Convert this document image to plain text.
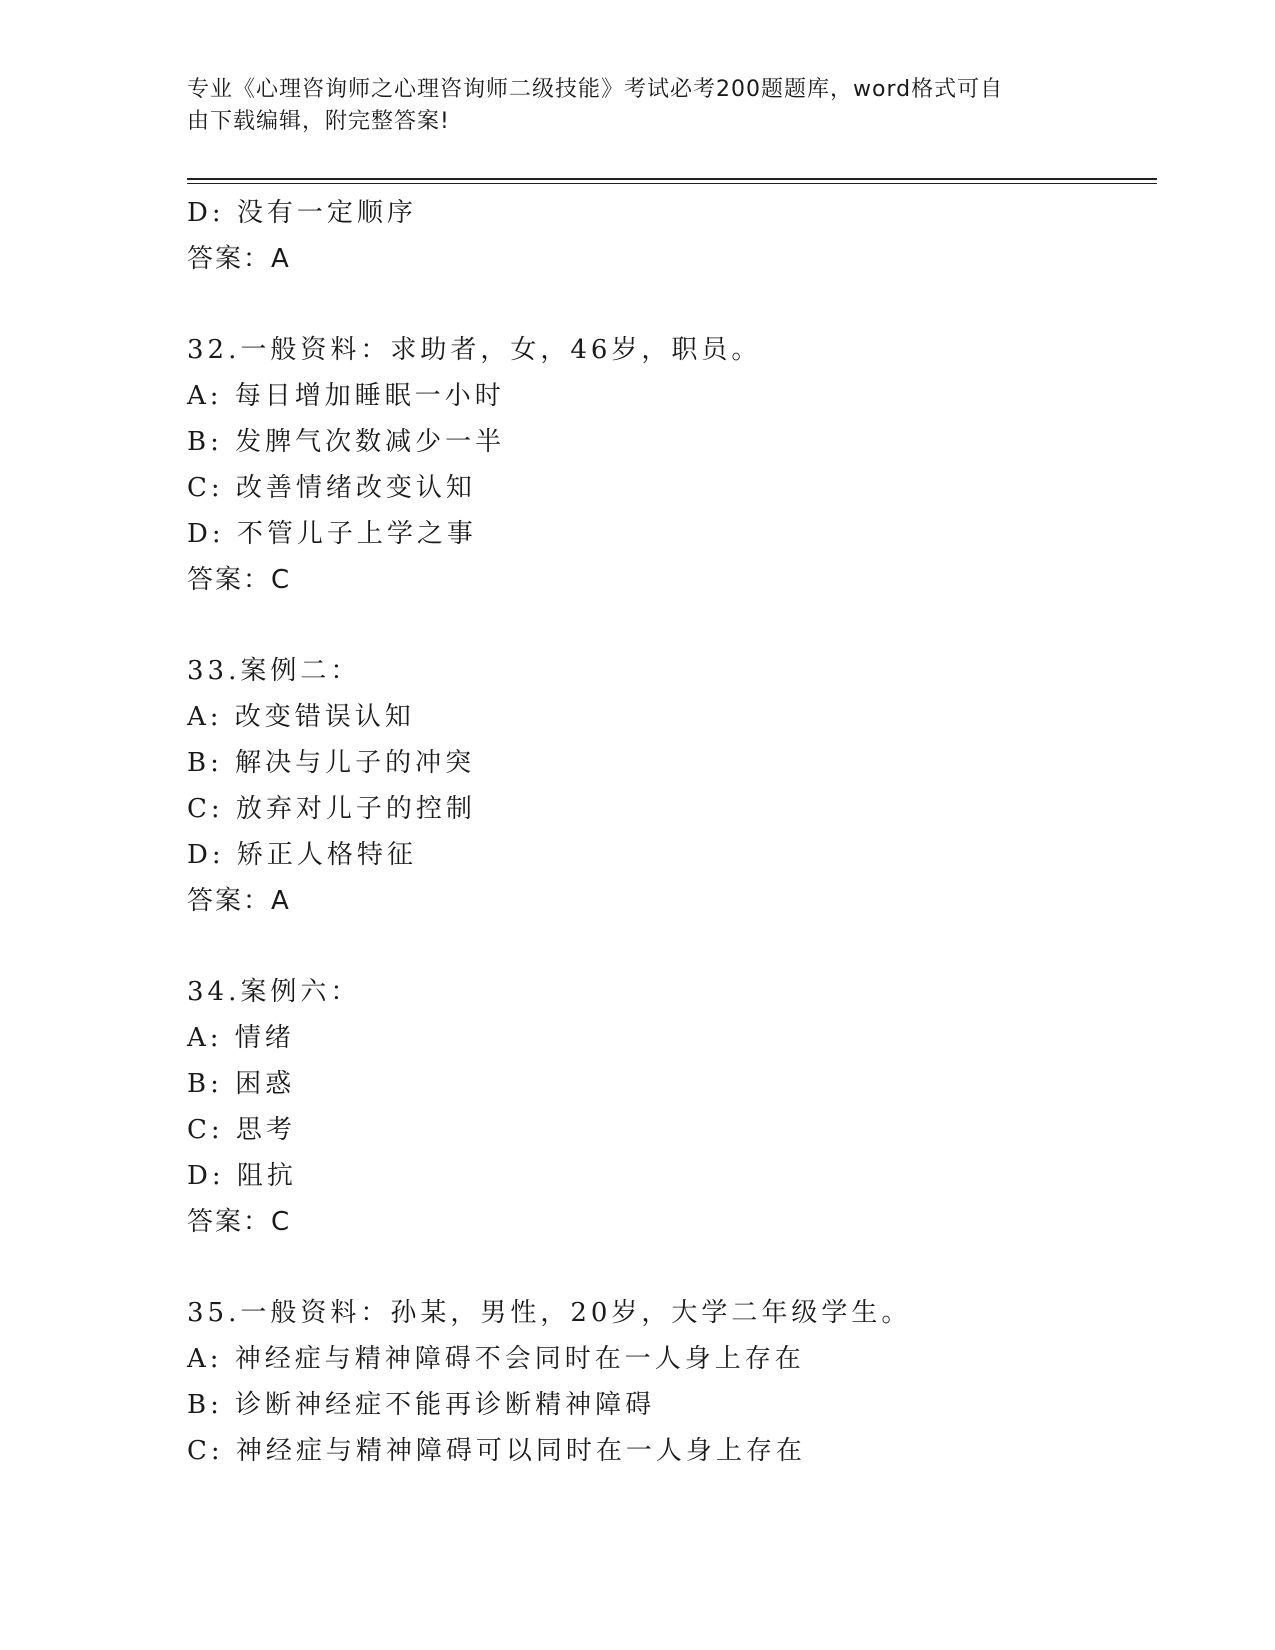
专业《心理咨询师之心理咨询师二级技能》考试必考200题题库，word格式可自
由下载编辑，附完整答案!
D: 没有一定顺序
答案：A
32.一般资料：求助者，女，46岁，职员。
A: 每日增加睡眠一小时
B: 发脾气次数减少一半
C: 改善情绪改变认知
D: 不管儿子上学之事
答案：C
33.案例二：
A: 改变错误认知
B: 解决与儿子的冲突
C: 放弃对儿子的控制
D: 矫正人格特征
答案：A
34.案例六：
A: 情绪
B: 困惑
C: 思考
D: 阻抗
答案：C
35.一般资料：孙某，男性，20岁，大学二年级学生。
A: 神经症与精神障碍不会同时在一人身上存在
B: 诊断神经症不能再诊断精神障碍
C: 神经症与精神障碍可以同时在一人身上存在
